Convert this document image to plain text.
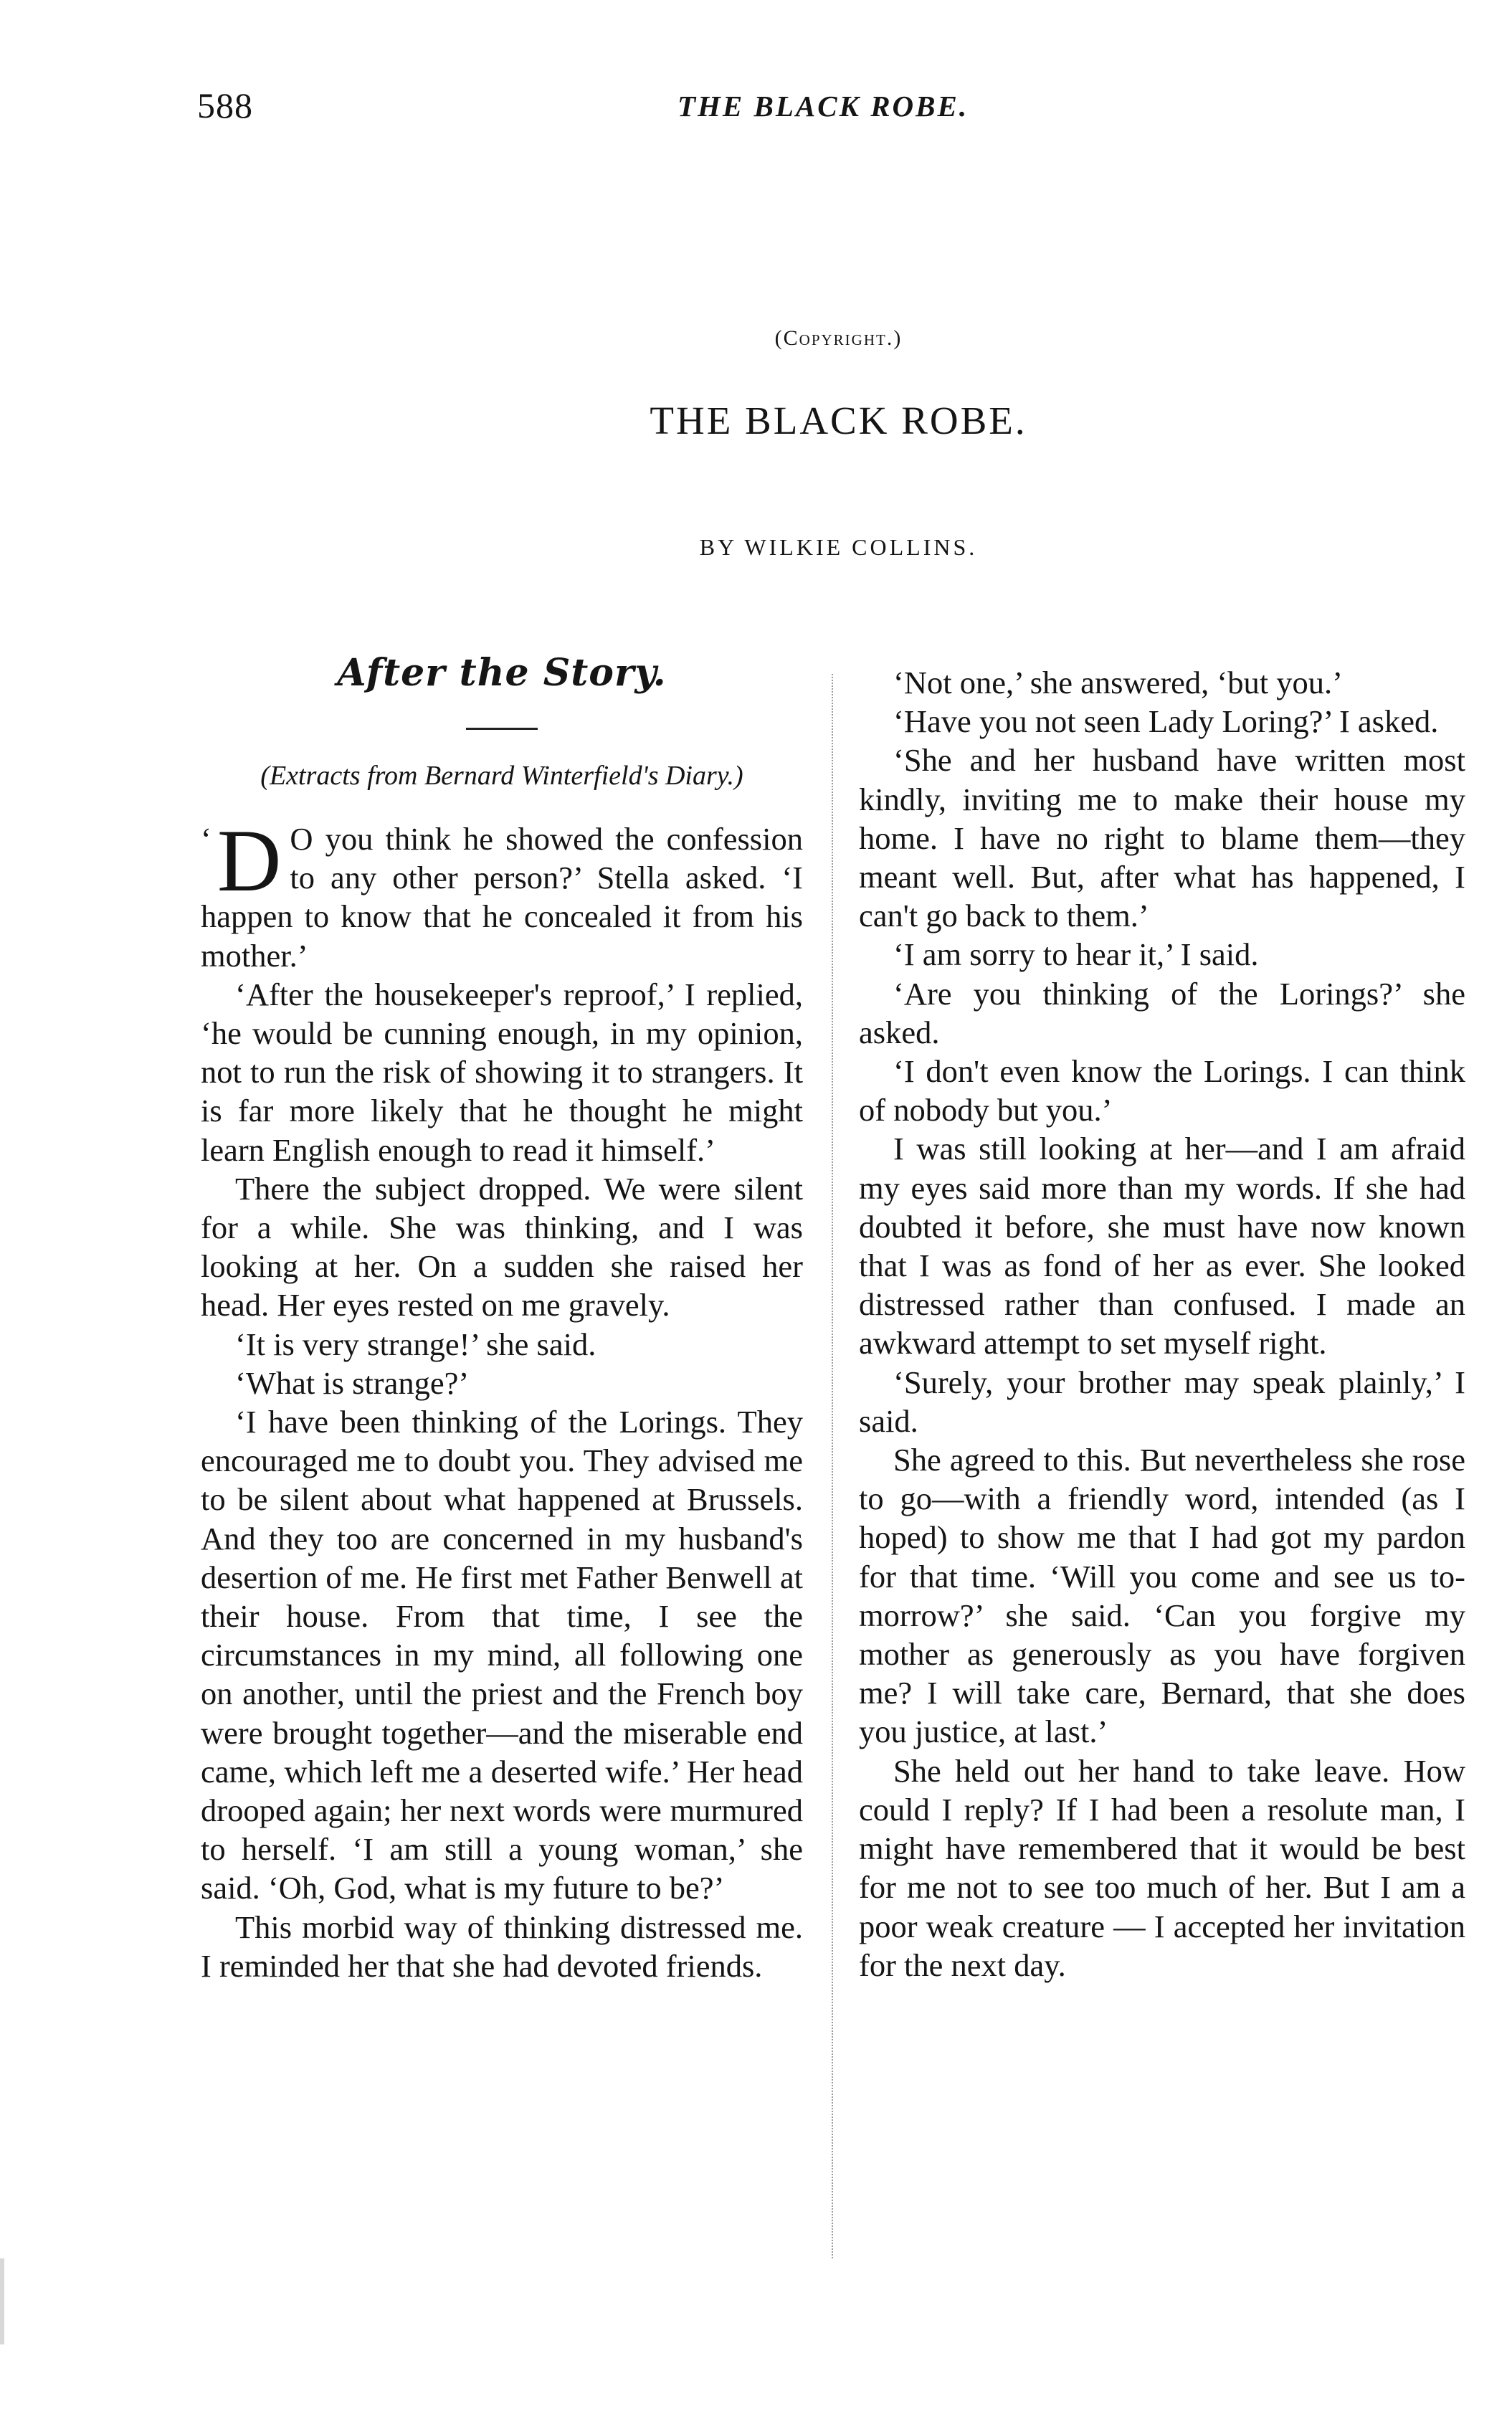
588	THE BLACK ROBE.
(Copyright.)
THE BLACK ROBE.
BY WILKIE COLLINS.
After the Story.
(Extracts from Bernard Winterfield's Diary.)

‘ D O you think he showed the confession to any other person?’ Stella asked. ‘I happen to know that he concealed it from his mother.’

‘After the housekeeper's reproof,’ I replied, ‘he would be cunning enough, in my opinion, not to run the risk of showing it to strangers. It is far more likely that he thought he might learn English enough to read it himself.’

There the subject dropped. We were silent for a while. She was thinking, and I was looking at her. On a sudden she raised her head. Her eyes rested on me gravely.

‘It is very strange!’ she said.

‘What is strange?’

‘I have been thinking of the Lorings. They encouraged me to doubt you. They advised me to be silent about what happened at Brussels. And they too are concerned in my husband's desertion of me. He first met Father Benwell at their house. From that time, I see the circumstances in my mind, all following one on another, until the priest and the French boy were brought together—and the miserable end came, which left me a deserted wife.’ Her head drooped again; her next words were murmured to herself. ‘I am still a young woman,’ she said. ‘Oh, God, what is my future to be?’

This morbid way of thinking distressed me. I reminded her that she had devoted friends.

‘Not one,’ she answered, ‘but you.’

‘Have you not seen Lady Loring?’ I asked.

‘She and her husband have written most kindly, inviting me to make their house my home. I have no right to blame them—they meant well. But, after what has happened, I can't go back to them.’

‘I am sorry to hear it,’ I said.

‘Are you thinking of the Lorings?’ she asked.

‘I don't even know the Lorings. I can think of nobody but you.’

I was still looking at her—and I am afraid my eyes said more than my words. If she had doubted it before, she must have now known that I was as fond of her as ever. She looked distressed rather than confused. I made an awkward attempt to set myself right.

‘Surely, your brother may speak plainly,’ I said.

She agreed to this. But nevertheless she rose to go—with a friendly word, intended (as I hoped) to show me that I had got my pardon for that time. ‘Will you come and see us to-morrow?’ she said. ‘Can you forgive my mother as generously as you have forgiven me? I will take care, Bernard, that she does you justice, at last.’

She held out her hand to take leave. How could I reply? If I had been a resolute man, I might have remembered that it would be best for me not to see too much of her. But I am a poor weak creature — I accepted her invitation for the next day.
